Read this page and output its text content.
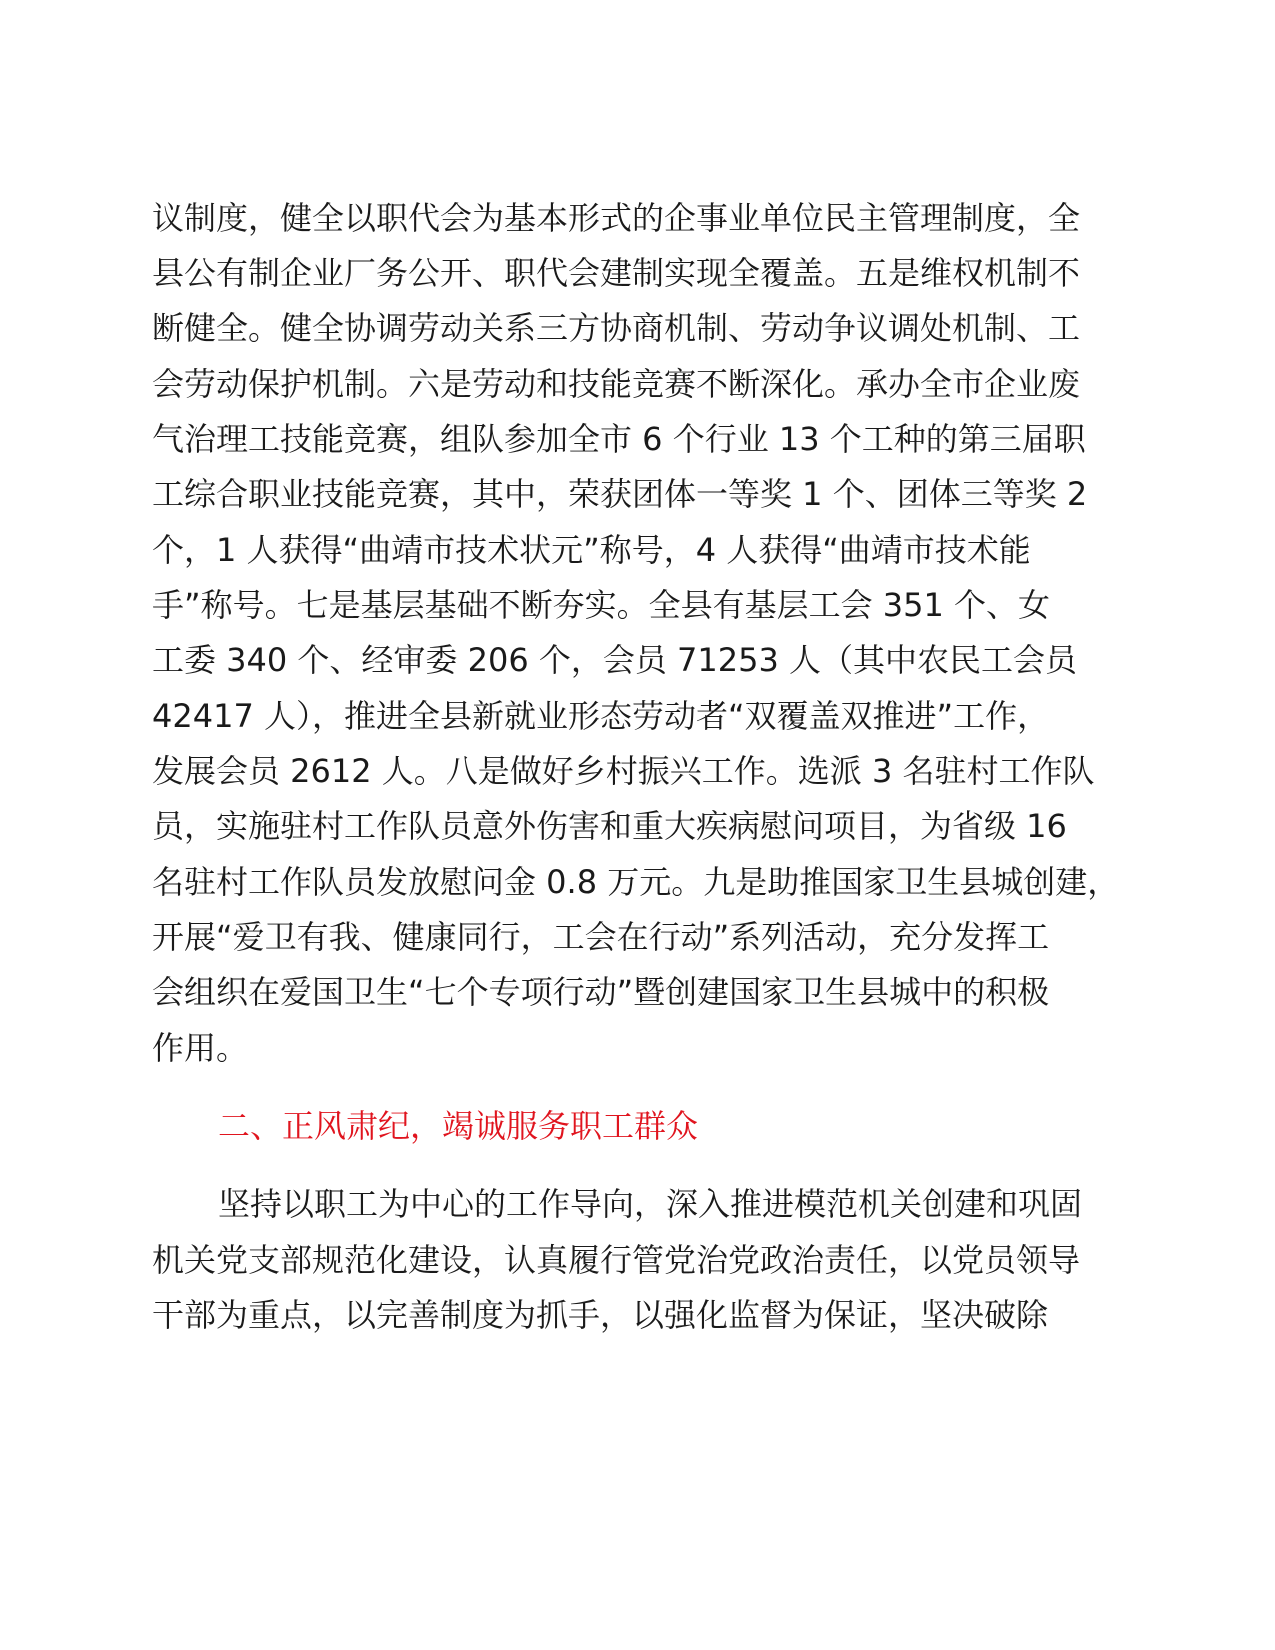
议制度，健全以职代会为基本形式的企事业单位民主管理制度，全
县公有制企业厂务公开、职代会建制实现全覆盖。五是维权机制不
断健全。健全协调劳动关系三方协商机制、劳动争议调处机制、工
会劳动保护机制。六是劳动和技能竞赛不断深化。承办全市企业废
气治理工技能竞赛，组队参加全市 6 个行业 13 个工种的第三届职
工综合职业技能竞赛，其中，荣获团体一等奖 1 个、团体三等奖 2
个，1 人获得“曲靖市技术状元”称号，4 人获得“曲靖市技术能
手”称号。七是基层基础不断夯实。全县有基层工会 351 个、女
工委 340 个、经审委 206 个，会员 71253 人（其中农民工会员
42417 人），推进全县新就业形态劳动者“双覆盖双推进”工作，
发展会员 2612 人。八是做好乡村振兴工作。选派 3 名驻村工作队
员，实施驻村工作队员意外伤害和重大疾病慰问项目，为省级 16
名驻村工作队员发放慰问金 0.8 万元。九是助推国家卫生县城创建，
开展“爱卫有我、健康同行，工会在行动”系列活动，充分发挥工
会组织在爱国卫生“七个专项行动”暨创建国家卫生县城中的积极
作用。
二、正风肃纪，竭诚服务职工群众
坚持以职工为中心的工作导向，深入推进模范机关创建和巩固
机关党支部规范化建设，认真履行管党治党政治责任，以党员领导
干部为重点，以完善制度为抓手，以强化监督为保证，坚决破除
